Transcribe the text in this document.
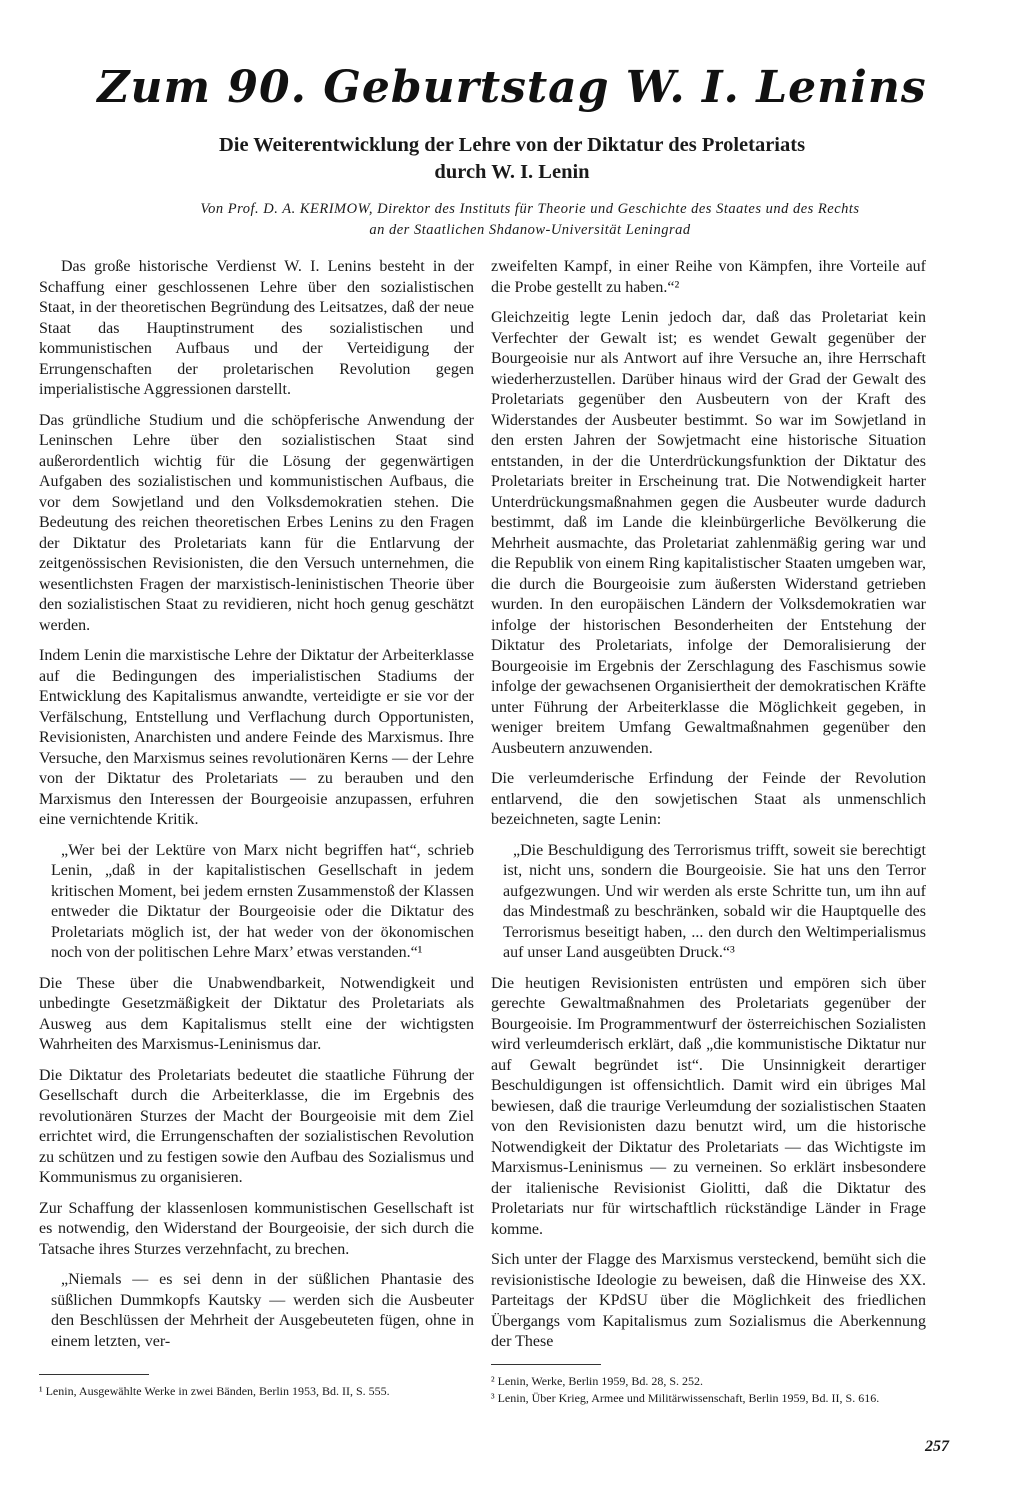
Zum 90. Geburtstag W. I. Lenins
Die Weiterentwicklung der Lehre von der Diktatur des Proletariats
durch W. I. Lenin
Von Prof. D. A. KERIMOW, Direktor des Instituts für Theorie und Geschichte des Staates und des Rechts
an der Staatlichen Shdanow-Universität Leningrad

Das große historische Verdienst W. I. Lenins besteht in der Schaffung einer geschlossenen Lehre über den sozialistischen Staat, in der theoretischen Begründung des Leitsatzes, daß der neue Staat das Hauptinstrument des sozialistischen und kommunistischen Aufbaus und der Verteidigung der Errungenschaften der proletarischen Revolution gegen imperialistische Aggressionen darstellt.

Das gründliche Studium und die schöpferische Anwendung der Leninschen Lehre über den sozialistischen Staat sind außerordentlich wichtig für die Lösung der gegenwärtigen Aufgaben des sozialistischen und kommunistischen Aufbaus, die vor dem Sowjetland und den Volksdemokratien stehen. Die Bedeutung des reichen theoretischen Erbes Lenins zu den Fragen der Diktatur des Proletariats kann für die Entlarvung der zeitgenössischen Revisionisten, die den Versuch unternehmen, die wesentlichsten Fragen der marxistisch-leninistischen Theorie über den sozialistischen Staat zu revidieren, nicht hoch genug geschätzt werden.

Indem Lenin die marxistische Lehre der Diktatur der Arbeiterklasse auf die Bedingungen des imperialistischen Stadiums der Entwicklung des Kapitalismus anwandte, verteidigte er sie vor der Verfälschung, Entstellung und Verflachung durch Opportunisten, Revisionisten, Anarchisten und andere Feinde des Marxismus. Ihre Versuche, den Marxismus seines revolutionären Kerns — der Lehre von der Diktatur des Proletariats — zu berauben und den Marxismus den Interessen der Bourgeoisie anzupassen, erfuhren eine vernichtende Kritik.

„Wer bei der Lektüre von Marx nicht begriffen hat“, schrieb Lenin, „daß in der kapitalistischen Gesellschaft in jedem kritischen Moment, bei jedem ernsten Zusammenstoß der Klassen entweder die Diktatur der Bourgeoisie oder die Diktatur des Proletariats möglich ist, der hat weder von der ökonomischen noch von der politischen Lehre Marx’ etwas verstanden.“¹

Die These über die Unabwendbarkeit, Notwendigkeit und unbedingte Gesetzmäßigkeit der Diktatur des Proletariats als Ausweg aus dem Kapitalismus stellt eine der wichtigsten Wahrheiten des Marxismus-Leninismus dar.

Die Diktatur des Proletariats bedeutet die staatliche Führung der Gesellschaft durch die Arbeiterklasse, die im Ergebnis des revolutionären Sturzes der Macht der Bourgeoisie mit dem Ziel errichtet wird, die Errungenschaften der sozialistischen Revolution zu schützen und zu festigen sowie den Aufbau des Sozialismus und Kommunismus zu organisieren.

Zur Schaffung der klassenlosen kommunistischen Gesellschaft ist es notwendig, den Widerstand der Bourgeoisie, der sich durch die Tatsache ihres Sturzes verzehnfacht, zu brechen.

„Niemals — es sei denn in der süßlichen Phantasie des süßlichen Dummkopfs Kautsky — werden sich die Ausbeuter den Beschlüssen der Mehrheit der Ausgebeuteten fügen, ohne in einem letzten, ver-

zweifelten Kampf, in einer Reihe von Kämpfen, ihre Vorteile auf die Probe gestellt zu haben.“²

Gleichzeitig legte Lenin jedoch dar, daß das Proletariat kein Verfechter der Gewalt ist; es wendet Gewalt gegenüber der Bourgeoisie nur als Antwort auf ihre Versuche an, ihre Herrschaft wiederherzustellen. Darüber hinaus wird der Grad der Gewalt des Proletariats gegenüber den Ausbeutern von der Kraft des Widerstandes der Ausbeuter bestimmt. So war im Sowjetland in den ersten Jahren der Sowjetmacht eine historische Situation entstanden, in der die Unterdrückungsfunktion der Diktatur des Proletariats breiter in Erscheinung trat. Die Notwendigkeit harter Unterdrückungsmaßnahmen gegen die Ausbeuter wurde dadurch bestimmt, daß im Lande die kleinbürgerliche Bevölkerung die Mehrheit ausmachte, das Proletariat zahlenmäßig gering war und die Republik von einem Ring kapitalistischer Staaten umgeben war, die durch die Bourgeoisie zum äußersten Widerstand getrieben wurden. In den europäischen Ländern der Volksdemokratien war infolge der historischen Besonderheiten der Entstehung der Diktatur des Proletariats, infolge der Demoralisierung der Bourgeoisie im Ergebnis der Zerschlagung des Faschismus sowie infolge der gewachsenen Organisiertheit der demokratischen Kräfte unter Führung der Arbeiterklasse die Möglichkeit gegeben, in weniger breitem Umfang Gewaltmaßnahmen gegenüber den Ausbeutern anzuwenden.

Die verleumderische Erfindung der Feinde der Revolution entlarvend, die den sowjetischen Staat als unmenschlich bezeichneten, sagte Lenin:

„Die Beschuldigung des Terrorismus trifft, soweit sie berechtigt ist, nicht uns, sondern die Bourgeoisie. Sie hat uns den Terror aufgezwungen. Und wir werden als erste Schritte tun, um ihn auf das Mindestmaß zu beschränken, sobald wir die Hauptquelle des Terrorismus beseitigt haben, ... den durch den Weltimperialismus auf unser Land ausgeübten Druck.“³

Die heutigen Revisionisten entrüsten und empören sich über gerechte Gewaltmaßnahmen des Proletariats gegenüber der Bourgeoisie. Im Programmentwurf der österreichischen Sozialisten wird verleumderisch erklärt, daß „die kommunistische Diktatur nur auf Gewalt begründet ist“. Die Unsinnigkeit derartiger Beschuldigungen ist offensichtlich. Damit wird ein übriges Mal bewiesen, daß die traurige Verleumdung der sozialistischen Staaten von den Revisionisten dazu benutzt wird, um die historische Notwendigkeit der Diktatur des Proletariats — das Wichtigste im Marxismus-Leninismus — zu verneinen. So erklärt insbesondere der italienische Revisionist Giolitti, daß die Diktatur des Proletariats nur für wirtschaftlich rückständige Länder in Frage komme.

Sich unter der Flagge des Marxismus versteckend, bemüht sich die revisionistische Ideologie zu beweisen, daß die Hinweise des XX. Parteitags der KPdSU über die Möglichkeit des friedlichen Übergangs vom Kapitalismus zum Sozialismus die Aberkennung der These

¹ Lenin, Ausgewählte Werke in zwei Bänden, Berlin 1953, Bd. II, S. 555.
² Lenin, Werke, Berlin 1959, Bd. 28, S. 252.
³ Lenin, Über Krieg, Armee und Militärwissenschaft, Berlin 1959, Bd. II, S. 616.
257
